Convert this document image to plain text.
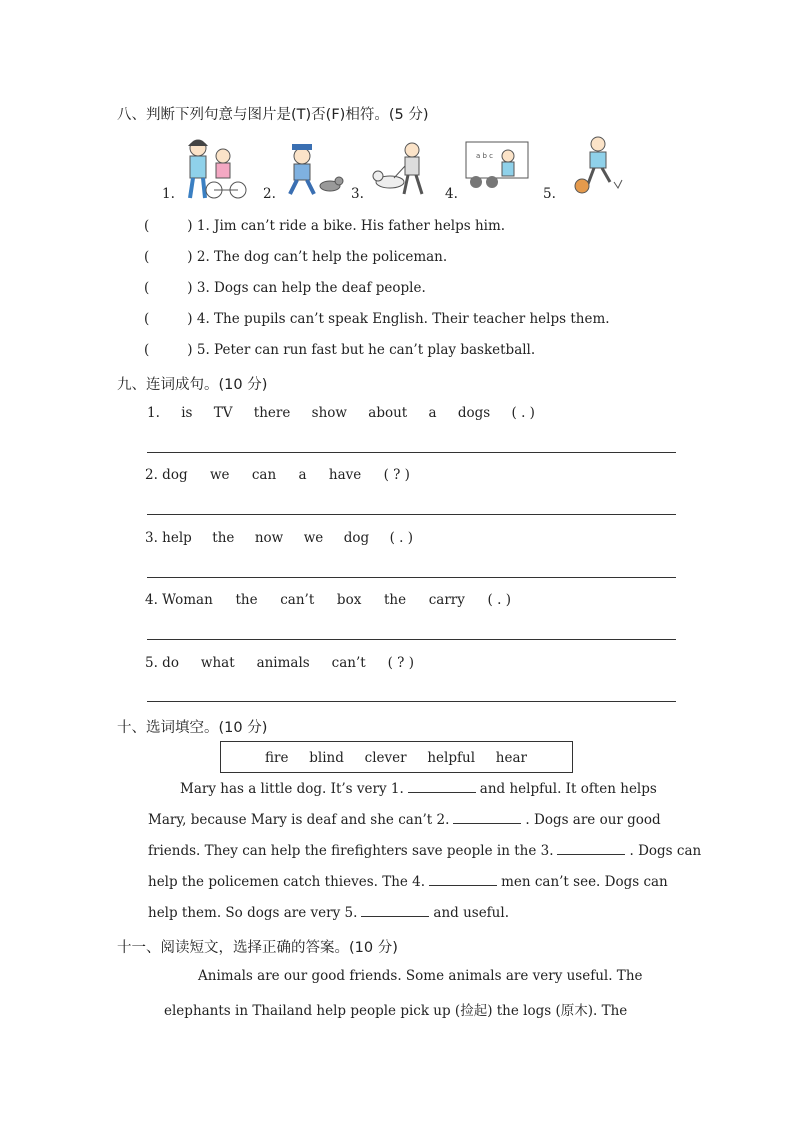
八、判断下列句意与图片是(T)否(F)相符。(5 分)
1.	2.	3.	4.
a b c
5.
(	) 1. Jim can’t ride a bike. His father helps him.
(	) 2. The dog can’t help the policeman.
(	) 3. Dogs can help the deaf people.
(	) 4. The pupils can’t speak English. Their teacher helps them.
(	) 5. Peter can run fast but he can’t play basketball.
九、连词成句。(10 分)
1. is TV there show about a dogs ( . )
2. dog we can a have ( ? )
3. help the now we dog ( . )
4. Woman the can’t box the carry ( . )
5. do what animals can’t ( ? )
十、选词填空。(10 分)
fire blind clever helpful hear
Mary has a little dog. It’s very 1.	and helpful. It often helps
Mary, because Mary is deaf and she can’t 2.	. Dogs are our good
friends. They can help the firefighters save people in the 3.	. Dogs can
help the policemen catch thieves. The 4.	men can’t see. Dogs can
help them. So dogs are very 5.	and useful.
十一、阅读短文，选择正确的答案。(10 分)
Animals are our good friends. Some animals are very useful. The
elephants in Thailand help people pick up (捡起) the logs (原木). The
